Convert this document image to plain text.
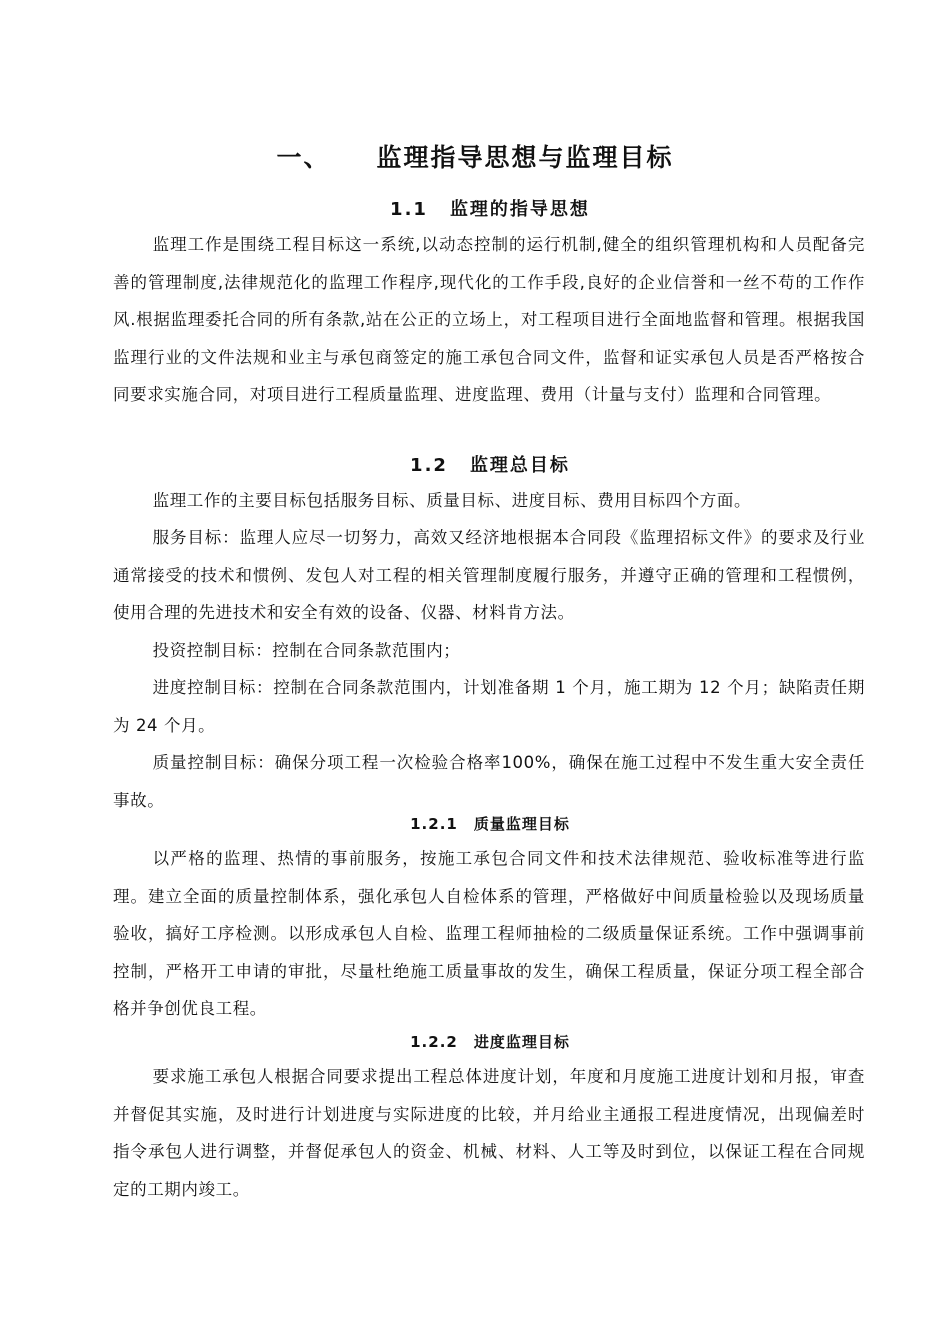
一、 监理指导思想与监理目标
1.1 监理的指导思想

监理工作是围绕工程目标这一系统,以动态控制的运行机制,健全的组织管理机构和人员配备完善的管理制度,法律规范化的监理工作程序,现代化的工作手段,良好的企业信誉和一丝不苟的工作作风.根据监理委托合同的所有条款,站在公正的立场上，对工程项目进行全面地监督和管理。根据我国监理行业的文件法规和业主与承包商签定的施工承包合同文件，监督和证实承包人员是否严格按合同要求实施合同，对项目进行工程质量监理、进度监理、费用（计量与支付）监理和合同管理。

1.2 监理总目标

监理工作的主要目标包括服务目标、质量目标、进度目标、费用目标四个方面。

服务目标：监理人应尽一切努力，高效又经济地根据本合同段《监理招标文件》的要求及行业通常接受的技术和惯例、发包人对工程的相关管理制度履行服务，并遵守正确的管理和工程惯例，使用合理的先进技术和安全有效的设备、仪器、材料肯方法。

投资控制目标：控制在合同条款范围内；

进度控制目标：控制在合同条款范围内，计划准备期 1 个月，施工期为 12 个月；缺陷责任期为 24 个月。

质量控制目标：确保分项工程一次检验合格率100%，确保在施工过程中不发生重大安全责任事故。

1.2.1 质量监理目标

以严格的监理、热情的事前服务，按施工承包合同文件和技术法律规范、验收标准等进行监理。建立全面的质量控制体系，强化承包人自检体系的管理，严格做好中间质量检验以及现场质量验收，搞好工序检测。以形成承包人自检、监理工程师抽检的二级质量保证系统。工作中强调事前控制，严格开工申请的审批，尽量杜绝施工质量事故的发生，确保工程质量，保证分项工程全部合格并争创优良工程。

1.2.2 进度监理目标

要求施工承包人根据合同要求提出工程总体进度计划，年度和月度施工进度计划和月报，审查并督促其实施，及时进行计划进度与实际进度的比较，并月给业主通报工程进度情况，出现偏差时指令承包人进行调整，并督促承包人的资金、机械、材料、人工等及时到位，以保证工程在合同规定的工期内竣工。
